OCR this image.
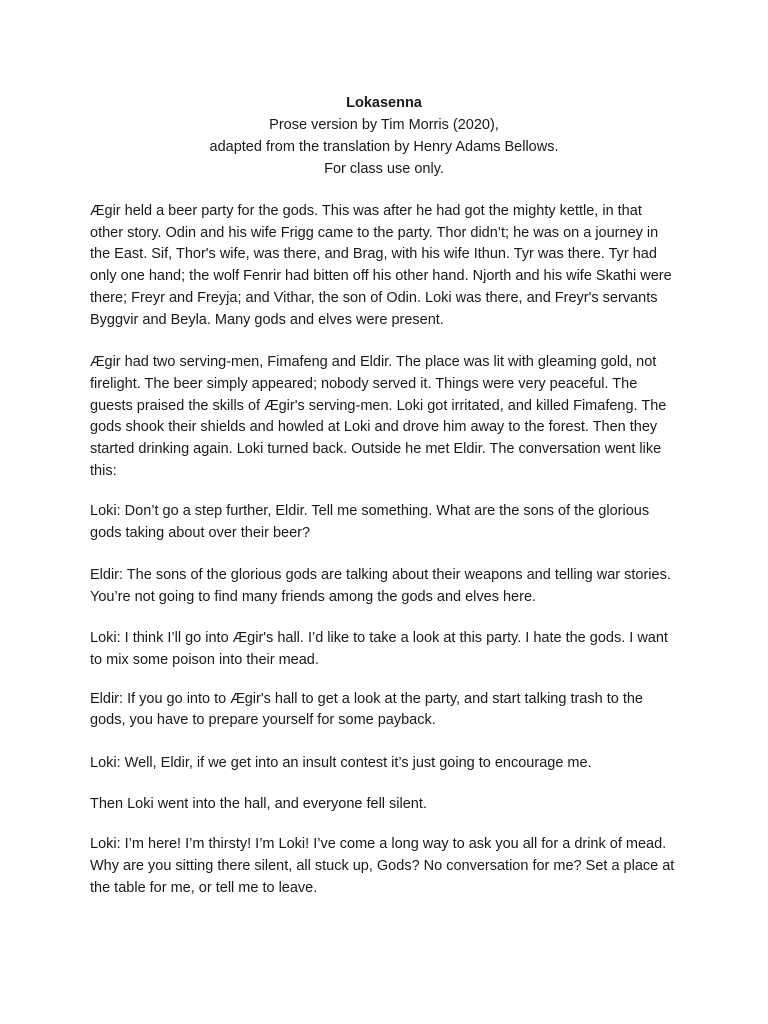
Lokasenna
Prose version by Tim Morris (2020),
adapted from the translation by Henry Adams Bellows.
For class use only.

Ægir held a beer party for the gods. This was after he had got the mighty kettle, in that other story. Odin and his wife Frigg came to the party. Thor didn’t; he was on a journey in the East. Sif, Thor's wife, was there, and Brag, with his wife Ithun. Tyr was there. Tyr had only one hand; the wolf Fenrir had bitten off his other hand. Njorth and his wife Skathi were there; Freyr and Freyja; and Vithar, the son of Odin. Loki was there, and Freyr's servants Byggvir and Beyla. Many gods and elves were present.

Ægir had two serving-men, Fimafeng and Eldir. The place was lit with gleaming gold, not firelight. The beer simply appeared; nobody served it. Things were very peaceful. The guests praised the skills of Ægir's serving-men. Loki got irritated, and killed Fimafeng. The gods shook their shields and howled at Loki and drove him away to the forest. Then they started drinking again. Loki turned back. Outside he met Eldir. The conversation went like this:

Loki: Don’t go a step further, Eldir. Tell me something. What are the sons of the glorious gods taking about over their beer?

Eldir: The sons of the glorious gods are talking about their weapons and telling war stories. You’re not going to find many friends among the gods and elves here.

Loki: I think I’ll go into Ægir's hall. I’d like to take a look at this party. I hate the gods. I want to mix some poison into their mead.

Eldir: If you go into to Ægir's hall to get a look at the party, and start talking trash to the gods, you have to prepare yourself for some payback.

Loki: Well, Eldir, if we get into an insult contest it’s just going to encourage me.

Then Loki went into the hall, and everyone fell silent.

Loki: I’m here! I’m thirsty! I’m Loki! I’ve come a long way to ask you all for a drink of mead. Why are you sitting there silent, all stuck up, Gods? No conversation for me? Set a place at the table for me, or tell me to leave.
